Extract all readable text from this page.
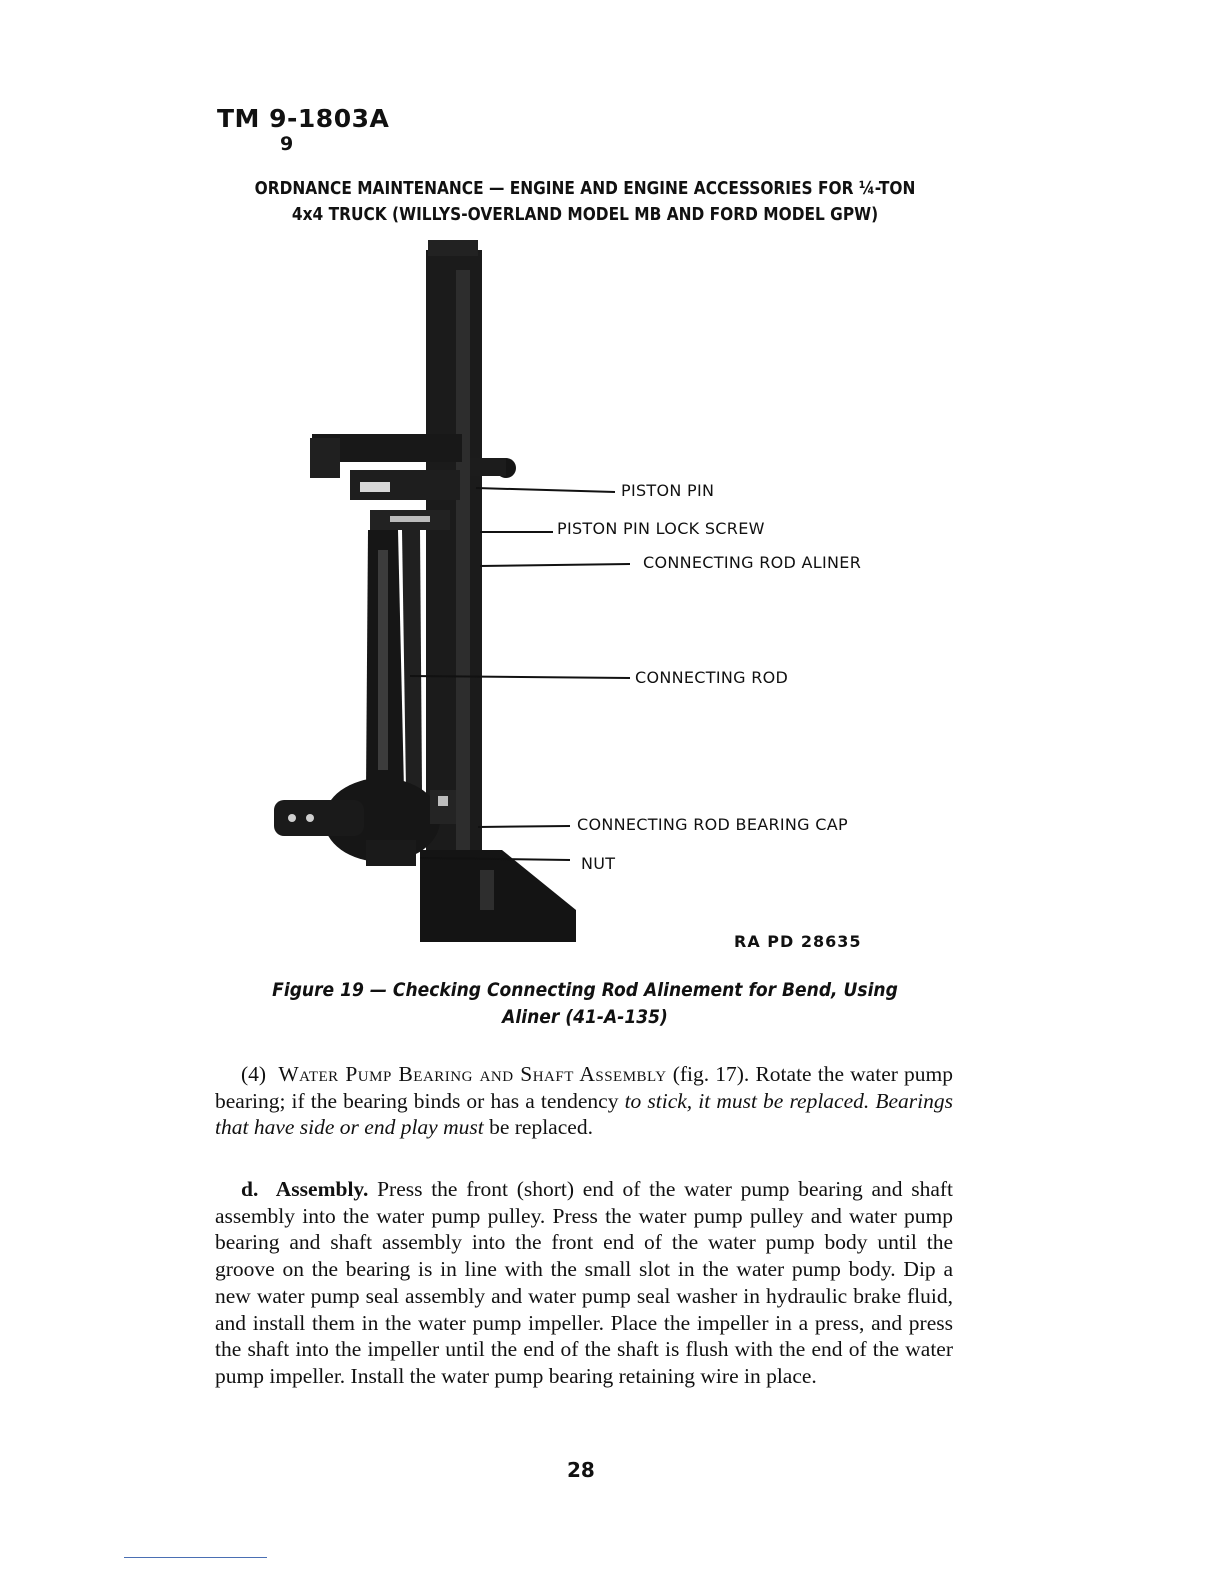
TM 9-1803A
9
ORDNANCE MAINTENANCE — ENGINE AND ENGINE ACCESSORIES FOR ¼-TON
4x4 TRUCK (WILLYS-OVERLAND MODEL MB AND FORD MODEL GPW)
PISTON PIN
PISTON PIN LOCK SCREW
CONNECTING ROD ALINER
CONNECTING ROD
CONNECTING ROD BEARING CAP
NUT
RA PD 28635
Figure 19 — Checking Connecting Rod Alinement for Bend, Using
Aliner (41-A-135)
(4) Water Pump Bearing and Shaft Assembly (fig. 17). Rotate the water pump bearing; if the bearing binds or has a tendency to stick, it must be replaced. Bearings that have side or end play must be replaced.
d. Assembly. Press the front (short) end of the water pump bearing and shaft assembly into the water pump pulley. Press the water pump pulley and water pump bearing and shaft assembly into the front end of the water pump body until the groove on the bearing is in line with the small slot in the water pump body. Dip a new water pump seal assembly and water pump seal washer in hydraulic brake fluid, and install them in the water pump impeller. Place the impeller in a press, and press the shaft into the impeller until the end of the shaft is flush with the end of the water pump impeller. Install the water pump bearing retaining wire in place.
28
